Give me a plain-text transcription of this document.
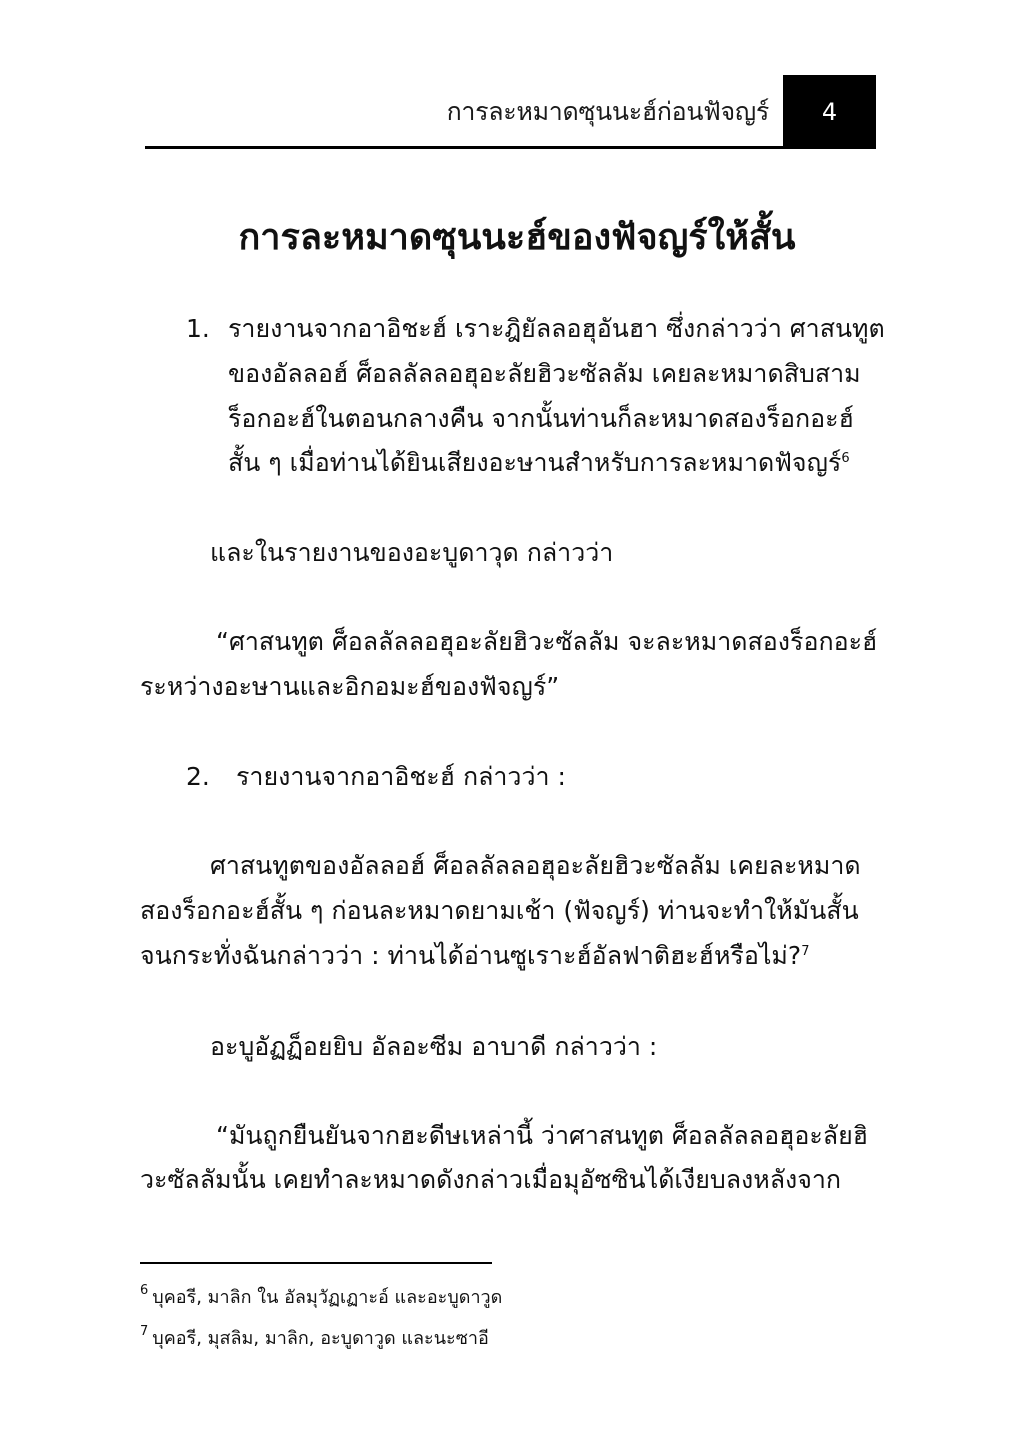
การละหมาดซุนนะฮ์ก่อนฟัจญร์ 4
การละหมาดซุนนะฮ์ของฟัจญร์ให้สั้น
1. รายงานจากอาอิชะฮ์ เราะฎิยัลลอฮุอันฮา ซึ่งกล่าวว่า ศาสนทูต
ของอัลลอฮ์ ศ็อลลัลลอฮุอะลัยฮิวะซัลลัม เคยละหมาดสิบสาม
ร็อกอะฮ์ในตอนกลางคืน จากนั้นท่านก็ละหมาดสองร็อกอะฮ์
สั้น ๆ เมื่อท่านได้ยินเสียงอะษานสำหรับการละหมาดฟัจญร์$^6$
และในรายงานของอะบูดาวุด กล่าวว่า
“ศาสนทูต ศ็อลลัลลอฮุอะลัยฮิวะซัลลัม จะละหมาดสองร็อกอะฮ์
ระหว่างอะษานและอิกอมะฮ์ของฟัจญร์”
2. รายงานจากอาอิชะฮ์ กล่าวว่า :
ศาสนทูตของอัลลอฮ์ ศ็อลลัลลอฮุอะลัยฮิวะซัลลัม เคยละหมาด
สองร็อกอะฮ์สั้น ๆ ก่อนละหมาดยามเช้า (ฟัจญร์) ท่านจะทำให้มันสั้น
จนกระทั่งฉันกล่าวว่า : ท่านได้อ่านซูเราะฮ์อัลฟาติฮะฮ์หรือไม่?$^7$
อะบูอัฏฏ็อยยิบ อัลอะซีม อาบาดี กล่าวว่า :
“มันถูกยืนยันจากฮะดีษเหล่านี้ ว่าศาสนทูต ศ็อลลัลลอฮุอะลัยฮิ
วะซัลลัมนั้น เคยทำละหมาดดังกล่าวเมื่อมุอัซซินได้เงียบลงหลังจาก
$^6$ บุคอรี, มาลิก ใน อัลมุวัฏเฏาะอ์ และอะบูดาวูด
$^7$ บุคอรี, มุสลิม, มาลิก, อะบูดาวูด และนะซาอี
